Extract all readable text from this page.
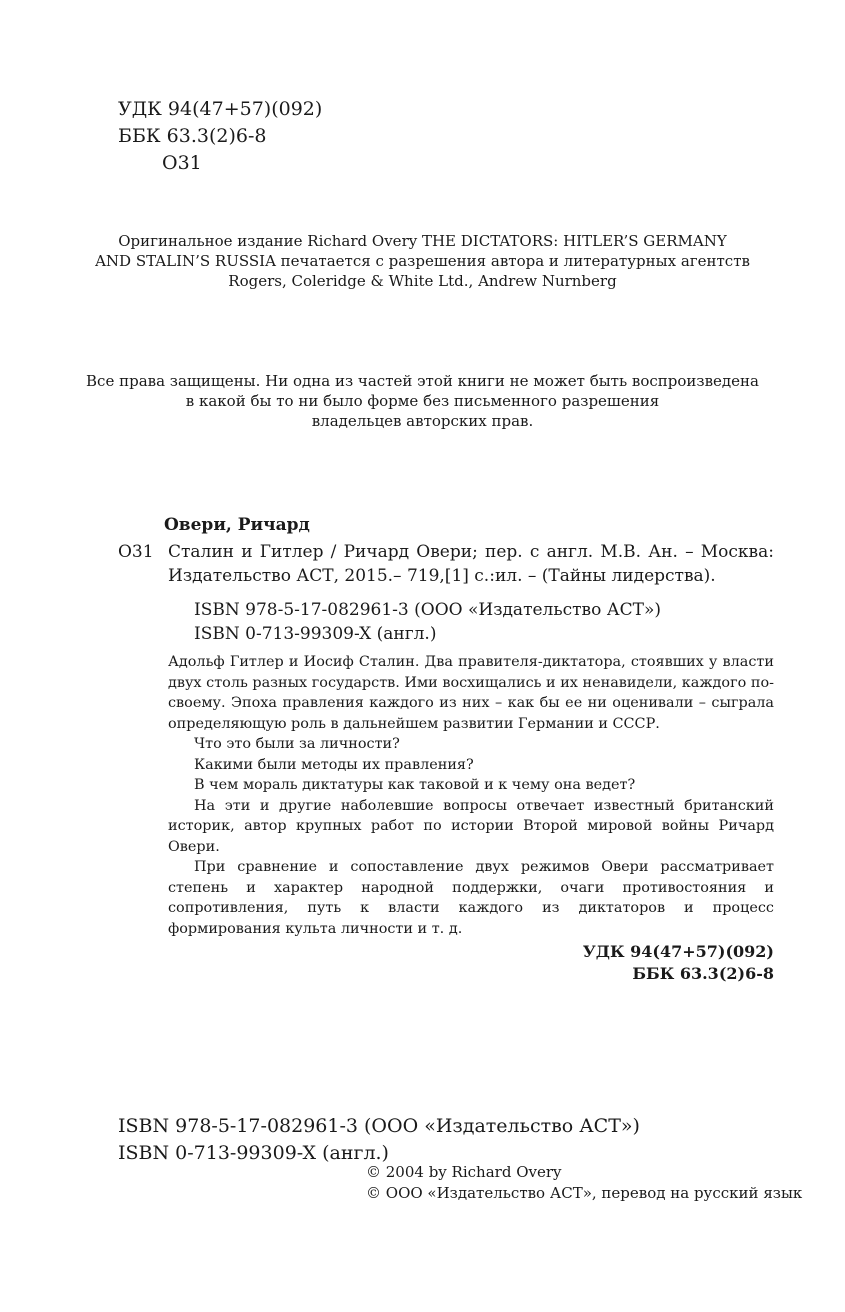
УДК 94(47+57)(092)
ББК 63.3(2)6-8
О31
Оригинальное издание Richard Overy THE DICTATORS: HITLER’S GERMANY
AND STALIN’S RUSSIA печатается с разрешения автора и литературных агентств
Rogers, Coleridge & White Ltd., Andrew Nurnberg
Все права защищены. Ни одна из частей этой книги не может быть воспроизведена
в какой бы то ни было форме без письменного разрешения
владельцев авторских прав.
Овери, Ричард
О31 Сталин и Гитлер / Ричард Овери; пер. с англ. М.В. Ан. – Москва: Издательство АСТ, 2015.– 719,[1] с.:ил. – (Тайны лидерства).
ISBN 978-5-17-082961-3 (ООО «Издательство АСТ»)
ISBN 0-713-99309-X (англ.)

Адольф Гитлер и Иосиф Сталин. Два правителя-диктатора, стоявших у власти двух столь разных государств. Ими восхищались и их ненавидели, каждого по-своему. Эпоха правления каждого из них – как бы ее ни оценивали – сыграла определяющую роль в дальнейшем развитии Германии и СССР.

Что это были за личности?

Какими были методы их правления?

В чем мораль диктатуры как таковой и к чему она ведет?

На эти и другие наболевшие вопросы отвечает известный британский историк, автор крупных работ по истории Второй мировой войны Ричард Овери.

При сравнение и сопоставление двух режимов Овери рассматривает степень и характер народной поддержки, очаги противостояния и сопротивления, путь к власти каждого из диктаторов и процесс формирования культа личности и т. д.

УДК 94(47+57)(092)
ББК 63.3(2)6-8
ISBN 978-5-17-082961-3 (ООО «Издательство АСТ»)
ISBN 0-713-99309-X (англ.)
© 2004 by Richard Overy
© ООО «Издательство АСТ», перевод на русский язык
